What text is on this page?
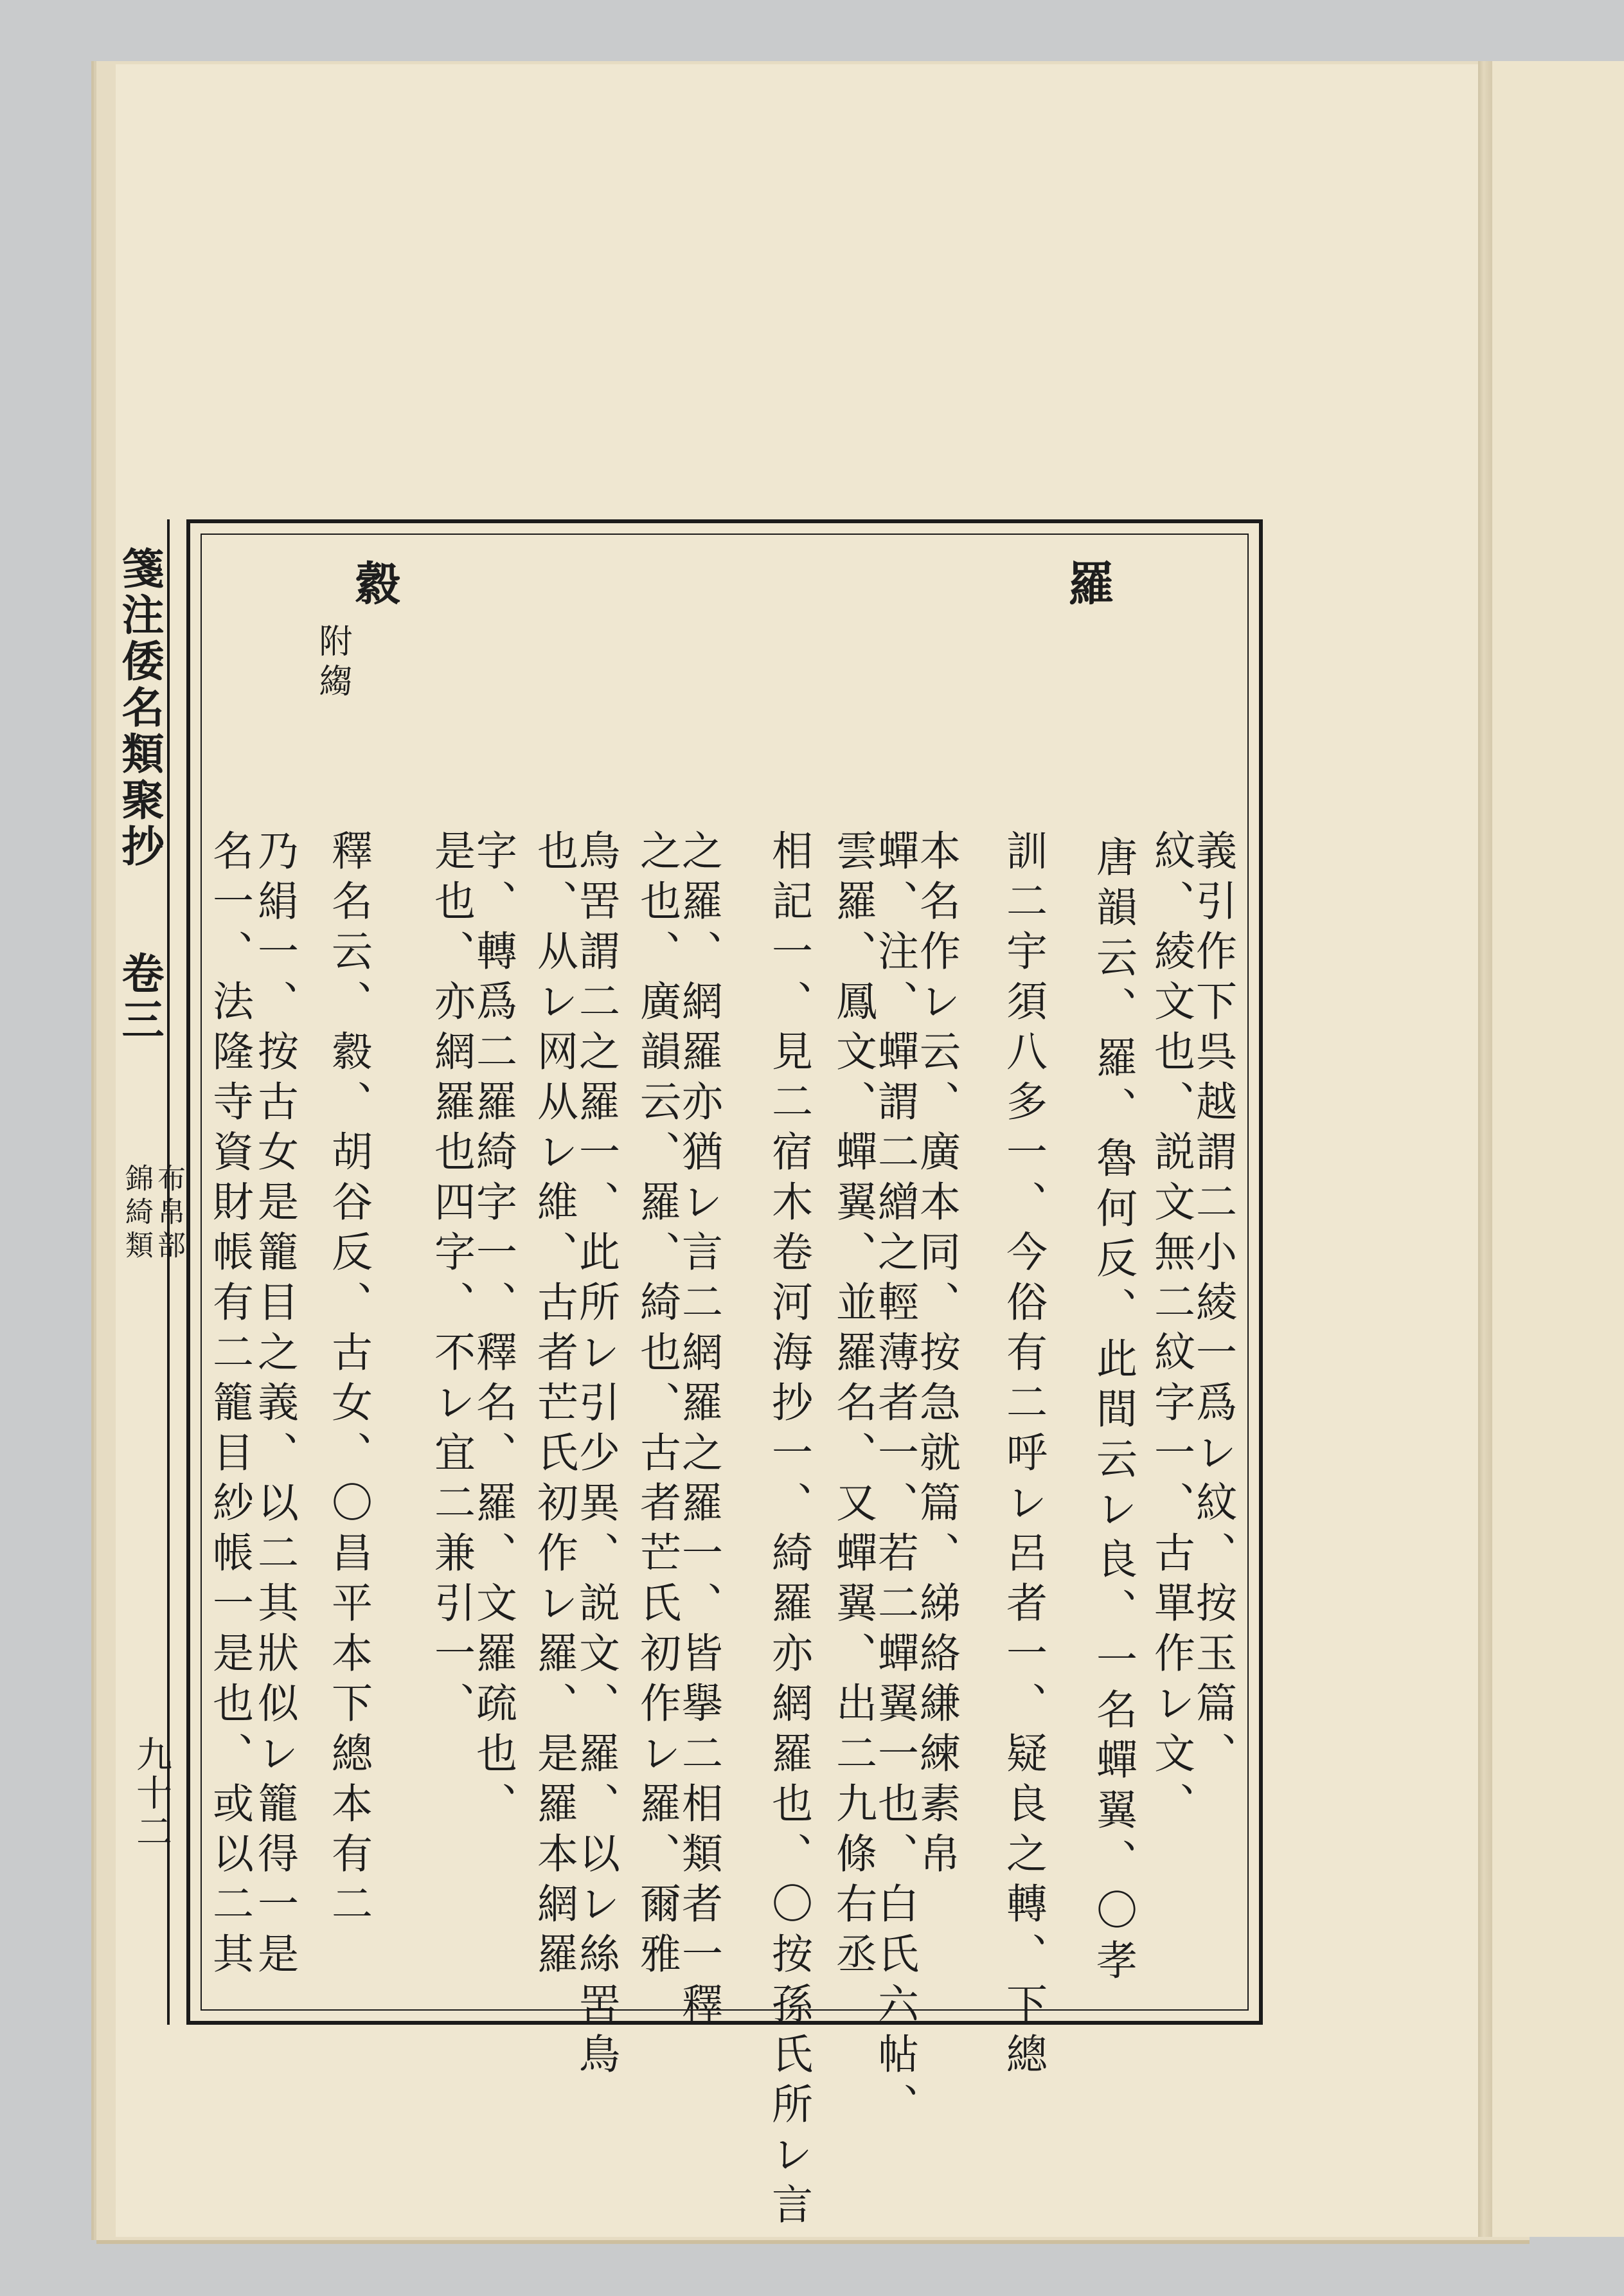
箋注倭名類聚抄
卷三
布帛部
錦綺類
九十二
羅
義引作下呉越謂二小綾一爲レ紋、按玉篇、
紋、綾文也、説文無二紋字一、古單作レ文、
唐韻云、羅、魯何反、此間云レ良、一名蟬翼、〇孝
訓二宇須八多一、今俗有二呼レ呂者一、疑良之轉、下總
本名作レ云、廣本同、按急就篇、綈絡縑練素帛
蟬、注、蟬謂二繒之輕薄者一、若二蟬翼一也、白氏六帖、
雲羅、鳳文、蟬翼、並羅名、又蟬翼、出二九條右丞
相記一、見二宿木卷河海抄一、綺羅亦網羅也、〇按孫氏所レ言
之羅、網羅亦猶レ言二網羅之羅一、皆擧二相類者一釋
之也、廣韻云、羅、綺也、古者芒氏初作レ羅、爾雅
鳥罟謂二之羅一、此所レ引少異、説文、羅、以レ絲罟鳥
也、从レ网从レ維、古者芒氏初作レ羅、是羅本網羅
字、轉爲二羅綺字一、釋名、羅、文羅疏也、
是也、亦網羅也四字、不レ宜二兼引一、
縠
附縐
釋名云、縠、胡谷反、古女、〇昌平本下總本有二
乃絹一、按古女是籠目之義、以二其狀似レ籠得一是
名一、法隆寺資財帳有二籠目紗帳一是也、或以二其
